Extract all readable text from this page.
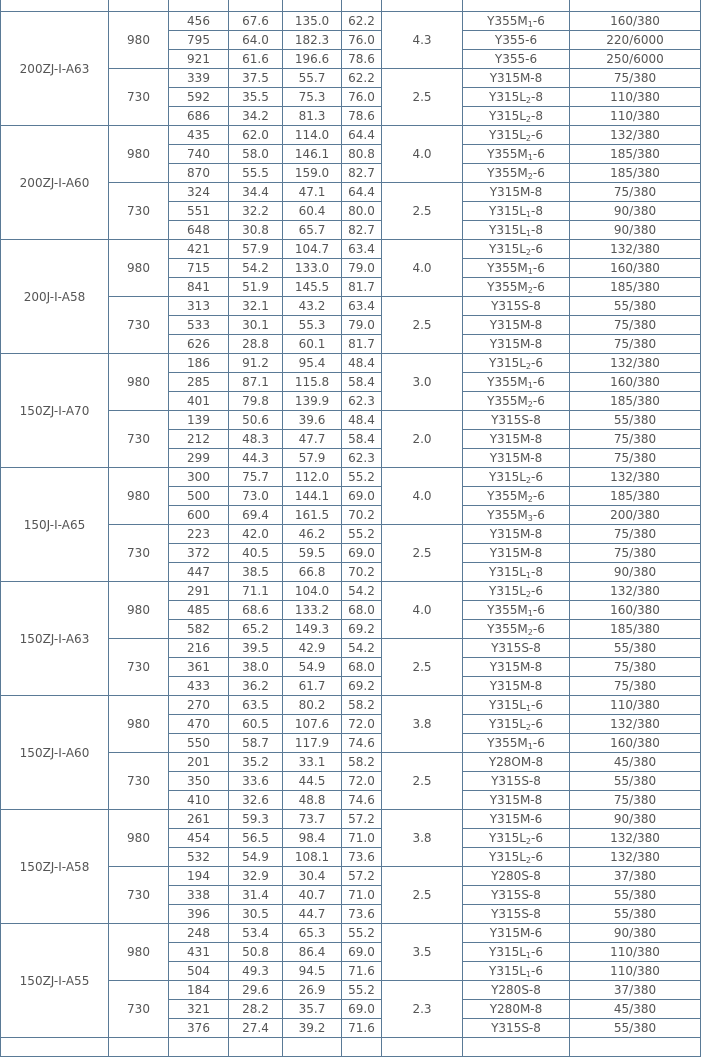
200ZJ-I-A63	980	456	67.6	135.0	62.2	4.3	$Y355M_1-6$	160/380
		795	64.0	182.3	76.0		Y355-6	220/6000
		921	61.6	196.6	78.6		Y355-6	250/6000
	730	339	37.5	55.7	62.2	2.5	Y315M-8	75/380
		592	35.5	75.3	76.0		$Y315L_2-8$	110/380
		686	34.2	81.3	78.6		$Y315L_2-8$	110/380
200ZJ-I-A60	980	435	62.0	114.0	64.4	4.0	$Y315L_2-6$	132/380
		740	58.0	146.1	80.8		$Y355M_1-6$	185/380
		870	55.5	159.0	82.7		$Y355M_2-6$	185/380
	730	324	34.4	47.1	64.4	2.5	Y315M-8	75/380
		551	32.2	60.4	80.0		$Y315L_1-8$	90/380
		648	30.8	65.7	82.7		$Y315L_1-8$	90/380
200J-I-A58	980	421	57.9	104.7	63.4	4.0	$Y315L_2-6$	132/380
		715	54.2	133.0	79.0		$Y355M_1-6$	160/380
		841	51.9	145.5	81.7		$Y355M_2-6$	185/380
	730	313	32.1	43.2	63.4	2.5	Y315S-8	55/380
		533	30.1	55.3	79.0		Y315M-8	75/380
		626	28.8	60.1	81.7		Y315M-8	75/380
150ZJ-I-A70	980	186	91.2	95.4	48.4	3.0	$Y315L_2-6$	132/380
		285	87.1	115.8	58.4		$Y355M_1-6$	160/380
		401	79.8	139.9	62.3		$Y355M_2-6$	185/380
	730	139	50.6	39.6	48.4	2.0	Y315S-8	55/380
		212	48.3	47.7	58.4		Y315M-8	75/380
		299	44.3	57.9	62.3		Y315M-8	75/380
150J-I-A65	980	300	75.7	112.0	55.2	4.0	$Y315L_2-6$	132/380
		500	73.0	144.1	69.0		$Y355M_2-6$	185/380
		600	69.4	161.5	70.2		$Y355M_3-6$	200/380
	730	223	42.0	46.2	55.2	2.5	Y315M-8	75/380
		372	40.5	59.5	69.0		Y315M-8	75/380
		447	38.5	66.8	70.2		$Y315L_1-8$	90/380
150ZJ-I-A63	980	291	71.1	104.0	54.2	4.0	$Y315L_2-6$	132/380
		485	68.6	133.2	68.0		$Y355M_1-6$	160/380
		582	65.2	149.3	69.2		$Y355M_2-6$	185/380
	730	216	39.5	42.9	54.2	2.5	Y315S-8	55/380
		361	38.0	54.9	68.0		Y315M-8	75/380
		433	36.2	61.7	69.2		Y315M-8	75/380
150ZJ-I-A60	980	270	63.5	80.2	58.2	3.8	$Y315L_1-6$	110/380
		470	60.5	107.6	72.0		$Y315L_2-6$	132/380
		550	58.7	117.9	74.6		$Y355M_1-6$	160/380
	730	201	35.2	33.1	58.2	2.5	Y28OM-8	45/380
		350	33.6	44.5	72.0		Y315S-8	55/380
		410	32.6	48.8	74.6		Y315M-8	75/380
150ZJ-I-A58	980	261	59.3	73.7	57.2	3.8	Y315M-6	90/380
		454	56.5	98.4	71.0		$Y315L_2-6$	132/380
		532	54.9	108.1	73.6		$Y315L_2-6$	132/380
	730	194	32.9	30.4	57.2	2.5	Y280S-8	37/380
		338	31.4	40.7	71.0		Y315S-8	55/380
		396	30.5	44.7	73.6		Y315S-8	55/380
150ZJ-I-A55	980	248	53.4	65.3	55.2	3.5	Y315M-6	90/380
		431	50.8	86.4	69.0		$Y315L_1-6$	110/380
		504	49.3	94.5	71.6		$Y315L_1-6$	110/380
	730	184	29.6	26.9	55.2	2.3	Y280S-8	37/380
		321	28.2	35.7	69.0		Y280M-8	45/380
		376	27.4	39.2	71.6		Y315S-8	55/380
